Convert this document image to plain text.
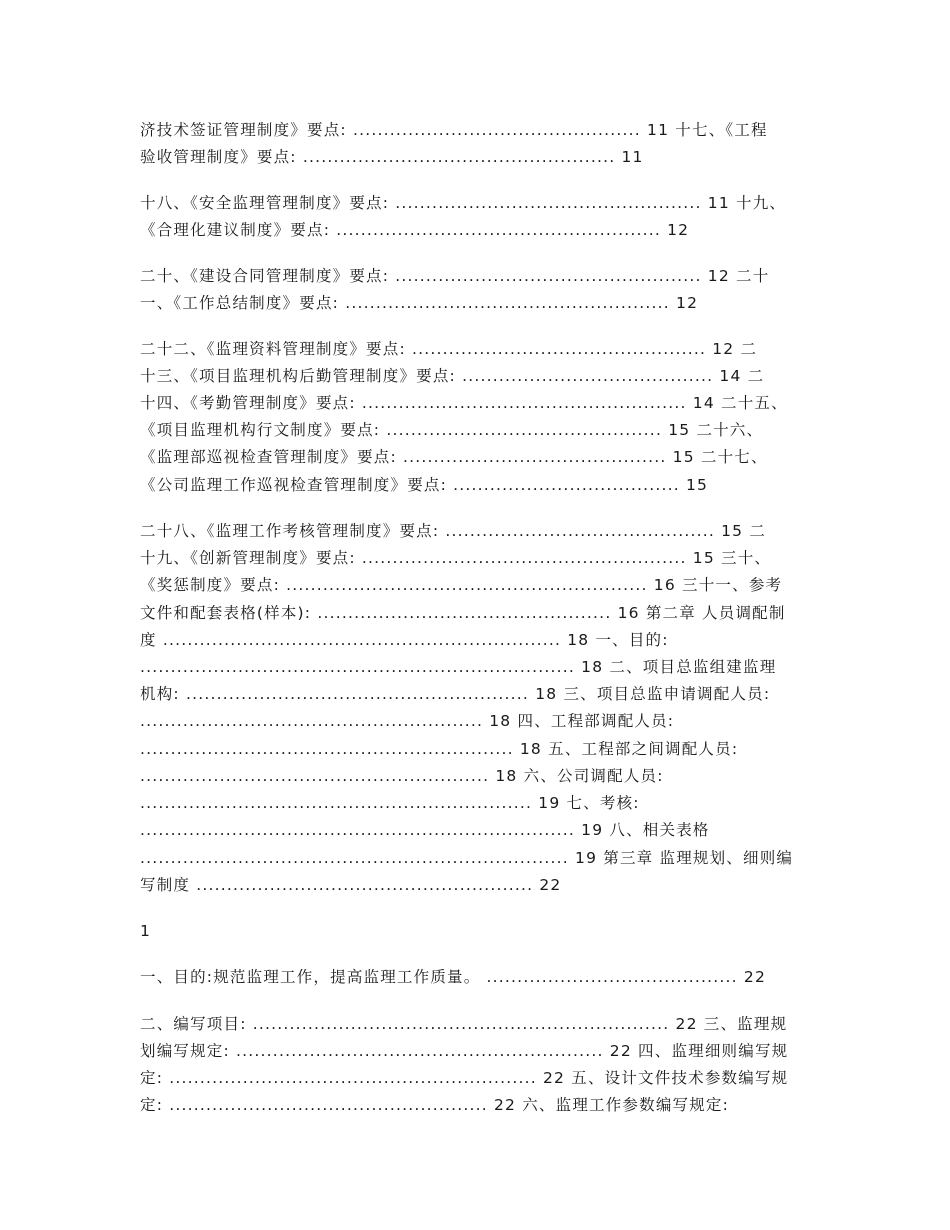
济技术签证管理制度》要点: ............................................... 11 十七、《工程
验收管理制度》要点: ................................................... 11
十八、《安全监理管理制度》要点: .................................................. 11 十九、
《合理化建议制度》要点: ..................................................... 12
二十、《建设合同管理制度》要点: .................................................. 12 二十
一、《工作总结制度》要点: ..................................................... 12
二十二、《监理资料管理制度》要点: ................................................ 12 二
十三、《项目监理机构后勤管理制度》要点: ......................................... 14 二
十四、《考勤管理制度》要点: ..................................................... 14 二十五、
《项目监理机构行文制度》要点: ............................................. 15 二十六、
《监理部巡视检查管理制度》要点: ........................................... 15 二十七、
《公司监理工作巡视检查管理制度》要点: ..................................... 15
二十八、《监理工作考核管理制度》要点: ............................................ 15 二
十九、《创新管理制度》要点: ..................................................... 15 三十、
《奖惩制度》要点: ........................................................... 16 三十一、参考
文件和配套表格(样本): ................................................ 16 第二章 人员调配制
度 ................................................................. 18 一、目的:
....................................................................... 18 二、项目总监组建监理
机构: ........................................................ 18 三、项目总监申请调配人员:
........................................................ 18 四、工程部调配人员:
............................................................. 18 五、工程部之间调配人员:
......................................................... 18 六、公司调配人员:
................................................................ 19 七、考核:
....................................................................... 19 八、相关表格
...................................................................... 19 第三章 监理规划、细则编
写制度 ....................................................... 22
1
一、目的:规范监理工作，提高监理工作质量。 ......................................... 22
二、编写项目: .................................................................... 22 三、监理规
划编写规定: ............................................................ 22 四、监理细则编写规
定: ............................................................ 22 五、设计文件技术参数编写规
定: .................................................... 22 六、监理工作参数编写规定:
